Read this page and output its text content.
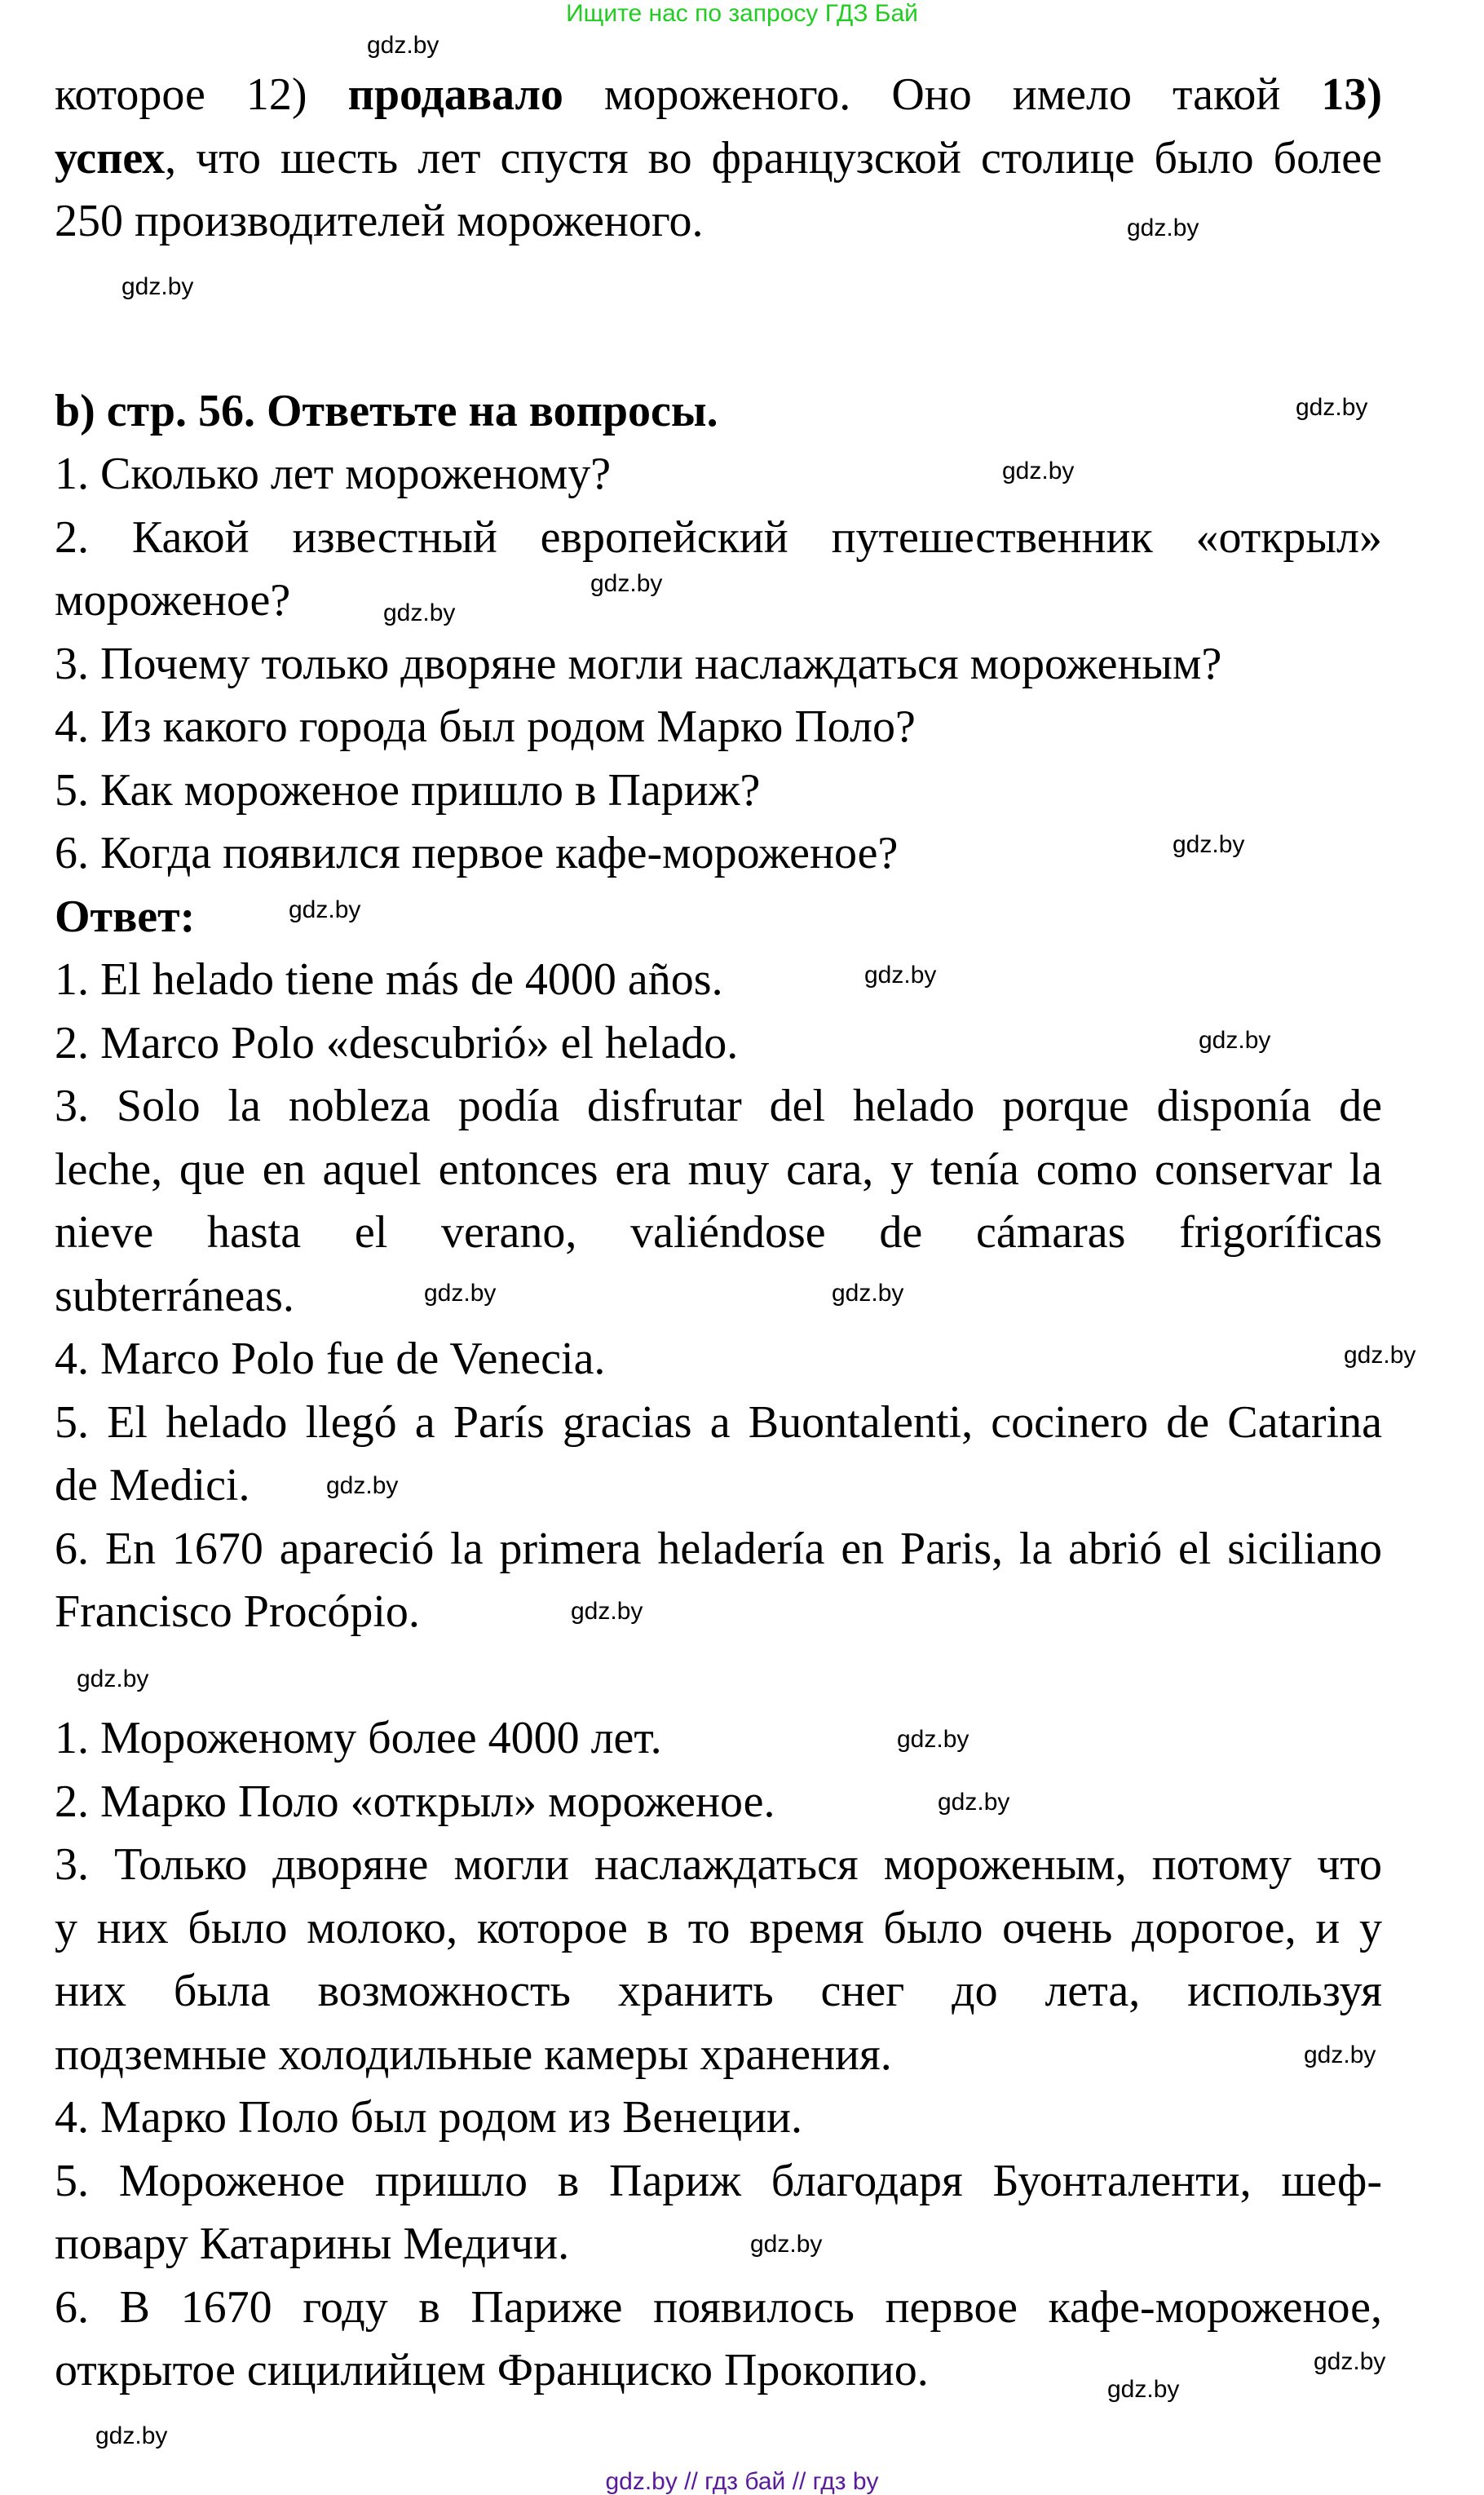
Ищите нас по запросу ГДЗ Бай
которое 12) продавало мороженого. Оно имело такой 13)
успех, что шесть лет спустя во французской столице было более
250 производителей мороженого.
b) стр. 56. Ответьте на вопросы.
1. Сколько лет мороженому?
2. Какой известный европейский путешественник «открыл»
мороженое?
3. Почему только дворяне могли наслаждаться мороженым?
4. Из какого города был родом Марко Поло?
5. Как мороженое пришло в Париж?
6. Когда появился первое кафе-мороженое?
Ответ:
1. El helado tiene más de 4000 años.
2. Marco Polo «descubrió» el helado.
3. Solo la nobleza podía disfrutar del helado porque disponía de
leche, que en aquel entonces era muy cara, y tenía como conservar la
nieve hasta el verano, valiéndose de cámaras frigoríficas
subterráneas.
4. Marco Polo fue de Venecia.
5. El helado llegó a París gracias a Buontalenti, cocinero de Catarina
de Medici.
6. En 1670 apareció la primera heladería en Paris, la abrió el siciliano
Francisco Procópio.
1. Мороженому более 4000 лет.
2. Марко Поло «открыл» мороженое.
3. Только дворяне могли наслаждаться мороженым, потому что
у них было молоко, которое в то время было очень дорогое, и у
них была возможность хранить снег до лета, используя
подземные холодильные камеры хранения.
4. Марко Поло был родом из Венеции.
5. Мороженое пришло в Париж благодаря Буонталенти, шеф-
повару Катарины Медичи.
6. В 1670 году в Париже появилось первое кафе-мороженое,
открытое сицилийцем Франциско Прокопио.
gdz.by
gdz.by
gdz.by
gdz.by
gdz.by
gdz.by
gdz.by
gdz.by
gdz.by
gdz.by
gdz.by
gdz.by	gdz.by
gdz.by
gdz.by
gdz.by
gdz.by
gdz.by
gdz.by
gdz.by
gdz.by
gdz.by
gdz.by
gdz.by
gdz.by // гдз бай // гдз by
